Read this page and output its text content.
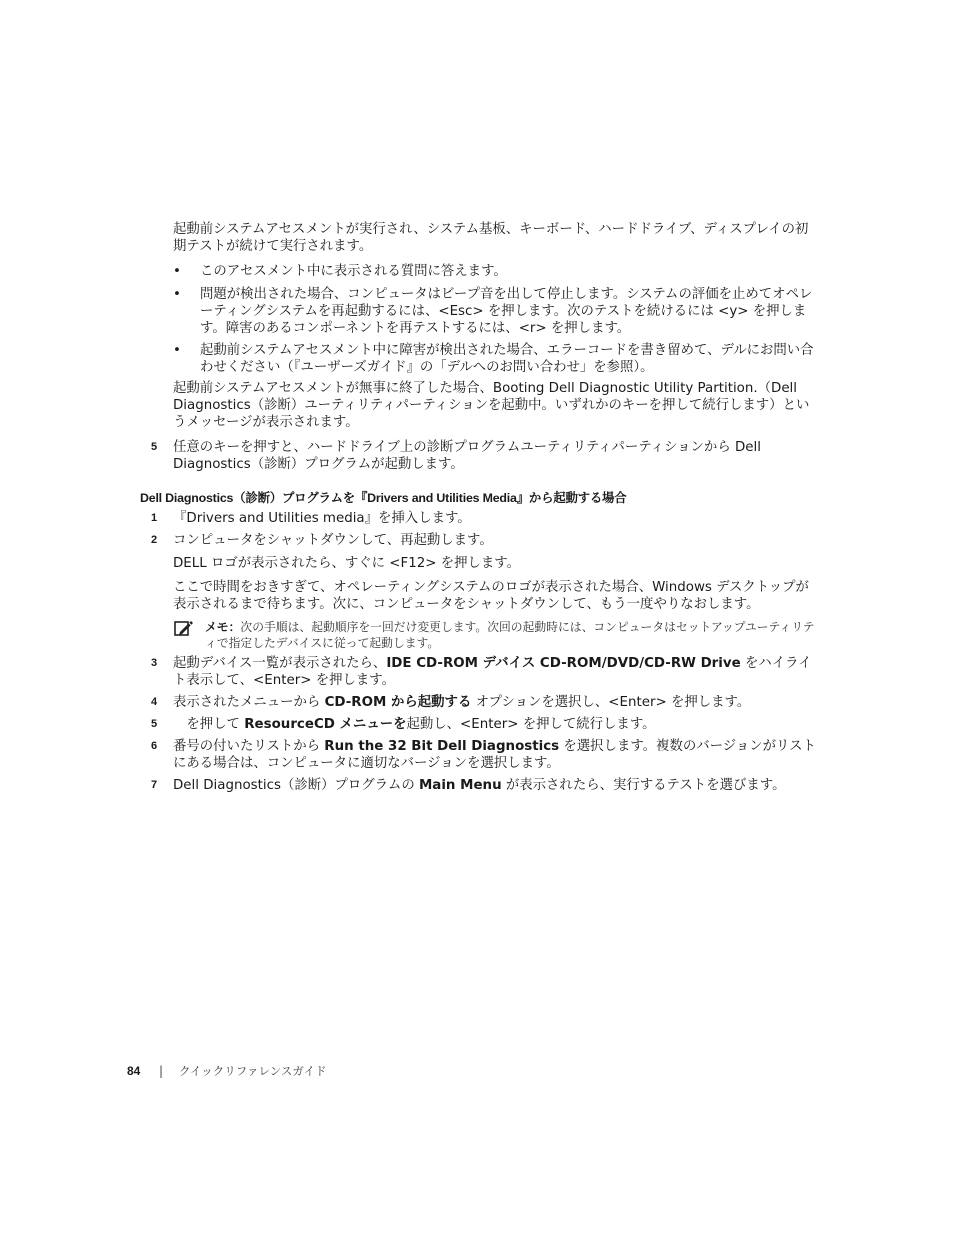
起動前システムアセスメントが実行され、システム基板、キーボード、ハードドライブ、ディスプレイの初期テストが続けて実行されます。

• このアセスメント中に表示される質問に答えます。

• 問題が検出された場合、コンピュータはビープ音を出して停止します。システムの評価を止めてオペレーティングシステムを再起動するには、<Esc> を押します。次のテストを続けるには <y> を押します。障害のあるコンポーネントを再テストするには、<r> を押します。

• 起動前システムアセスメント中に障害が検出された場合、エラーコードを書き留めて、デルにお問い合わせください（『ユーザーズガイド』の「デルへのお問い合わせ」を参照）。

起動前システムアセスメントが無事に終了した場合、Booting Dell Diagnostic Utility Partition.（Dell Diagnostics（診断）ユーティリティパーティションを起動中。いずれかのキーを押して続行します）というメッセージが表示されます。

5	任意のキーを押すと、ハードドライブ上の診断プログラムユーティリティパーティションから Dell Diagnostics（診断）プログラムが起動します。

Dell Diagnostics（診断）プログラムを『Drivers and Utilities Media』から起動する場合
1	『Drivers and Utilities media』を挿入します。

2	コンピュータをシャットダウンして、再起動します。

DELL ロゴが表示されたら、すぐに <F12> を押します。

ここで時間をおきすぎて、オペレーティングシステムのロゴが表示された場合、Windows デスクトップが表示されるまで待ちます。次に、コンピュータをシャットダウンして、もう一度やりなおします。

メモ：次の手順は、起動順序を一回だけ変更します。次回の起動時には、コンピュータはセットアップユーティリティで指定したデバイスに従って起動します。

3	起動デバイス一覧が表示されたら、IDE CD-ROM デバイス CD-ROM/DVD/CD-RW Drive をハイライト表示して、<Enter> を押します。

4	表示されたメニューから CD-ROM から起動する オプションを選択し、<Enter> を押します。

5	　を押して ResourceCD メニューを起動し、<Enter> を押して続行します。

6	番号の付いたリストから Run the 32 Bit Dell Diagnostics を選択します。複数のバージョンがリストにある場合は、コンピュータに適切なバージョンを選択します。

7	Dell Diagnostics（診断）プログラムの Main Menu が表示されたら、実行するテストを選びます。

84 | クイックリファレンスガイド
